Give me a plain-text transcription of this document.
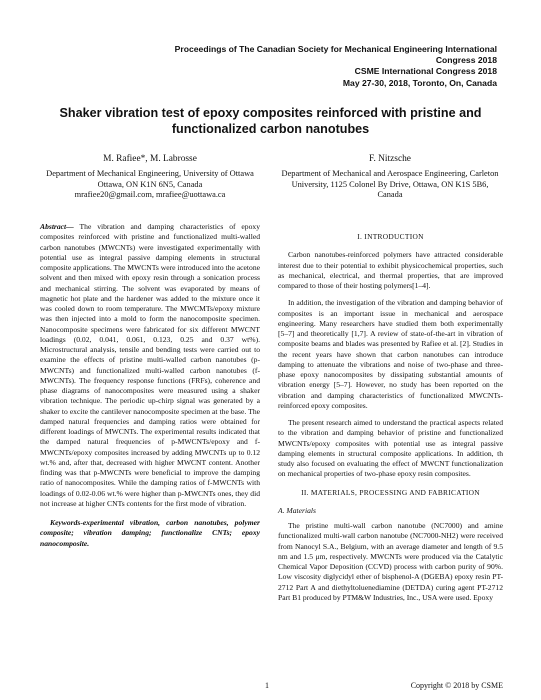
Proceedings of The Canadian Society for Mechanical Engineering International Congress 2018
CSME International Congress 2018
May 27-30, 2018, Toronto, On, Canada
Shaker vibration test of epoxy composites reinforced with pristine and functionalized carbon nanotubes
M. Rafiee*, M. Labrosse
Department of Mechanical Engineering, University of Ottawa
Ottawa, ON K1N 6N5, Canada
mrafiee20@gmail.com, mrafiee@uottawa.ca
F. Nitzsche
Department of Mechanical and Aerospace Engineering, Carleton University, 1125 Colonel By Drive, Ottawa, ON K1S 5B6, Canada

Abstract— The vibration and damping characteristics of epoxy composites reinforced with pristine and functionalized multi-walled carbon nanotubes (MWCNTs) were investigated experimentally with potential use as integral passive damping elements in structural composite applications. The MWCNTs were introduced into the acetone solvent and then mixed with epoxy resin through a sonication process and mechanical stirring. The solvent was evaporated by means of magnetic hot plate and the hardener was added to the mixture once it was cooled down to room temperature. The MWCMTs/epoxy mixture was then injected into a mold to form the nanocomposite specimen. Nanocomposite specimens were fabricated for six different MWCNT loadings (0.02, 0.041, 0.061, 0.123, 0.25 and 0.37 wt%). Microstructural analysis, tensile and bending tests were carried out to examine the effects of pristine multi-walled carbon nanotubes (p-MWCNTs) and functionalized multi-walled carbon nanotubes (f-MWCNTs). The frequency response functions (FRFs), coherence and phase diagrams of nanocomposites were measured using a shaker vibration technique. The periodic up-chirp signal was generated by a shaker to excite the cantilever nanocomposite specimen at the base. The damped natural frequencies and damping ratios were obtained for different loadings of MWCNTs. The experimental results indicated that the damped natural frequencies of p-MWCNTs/epoxy and f-MWCNTs/epoxy composites increased by adding MWCNTs up to 0.12 wt.% and, after that, decreased with higher MWCNT content. Another finding was that p-MWCNTs were beneficial to improve the damping ratio of nanocomposites. While the damping ratios of f-MWCNTs with loadings of 0.02-0.06 wt.% were higher than p-MWCNTs ones, they did not increase at higher CNTs contents for the first mode of vibration.

Keywords-experimental vibration, carbon nanotubes, polymer composite; vibration damping; functionalize CNTs; epoxy nanocomposite.

I. INTRODUCTION

Carbon nanotubes-reinforced polymers have attracted considerable interest due to their potential to exhibit physicochemical properties, such as mechanical, electrical, and thermal properties, that are improved compared to those of their hosting polymers[1–4].

In addition, the investigation of the vibration and damping behavior of composites is an important issue in mechanical and aerospace engineering. Many researchers have studied them both experimentally [5–7] and theoretically [1,7]. A review of state-of-the-art in vibration of composite beams and blades was presented by Rafiee et al. [2]. Studies in the recent years have shown that carbon nanotubes can introduce damping to attenuate the vibrations and noise of two-phase and three-phase epoxy nanocomposites by dissipating substantial amounts of vibration energy [5–7]. However, no study has been reported on the vibration and damping characteristics of functionalized MWCNTs-reinforced epoxy composites.

The present research aimed to understand the practical aspects related to the vibration and damping behavior of pristine and functionalized MWCNTs/epoxy composites with potential use as integral passive damping elements in structural composite applications. In addition, th study also focused on evaluating the effect of MWCNT functionalization on mechanical properties of two-phase epoxy resin composites.

II. MATERIALS, PROCESSING AND FABRICATION
A. Materials

The pristine multi-wall carbon nanotube (NC7000) and amine functionalized multi-wall carbon nanotube (NC7000-NH2) were received from Nanocyl S.A., Belgium, with an average diameter and length of 9.5 nm and 1.5 μm, respectively. MWCNTs were produced via the Catalytic Chemical Vapor Deposition (CCVD) process with carbon purity of 90%. Low viscosity diglycidyl ether of bisphenol-A (DGEBA) epoxy resin PT-2712 Part A and diethyltoluenediamine (DETDA) curing agent PT-2712 Part B1 produced by PTM&W Industries, Inc., USA were used. Epoxy

1	Copyright © 2018 by CSME
